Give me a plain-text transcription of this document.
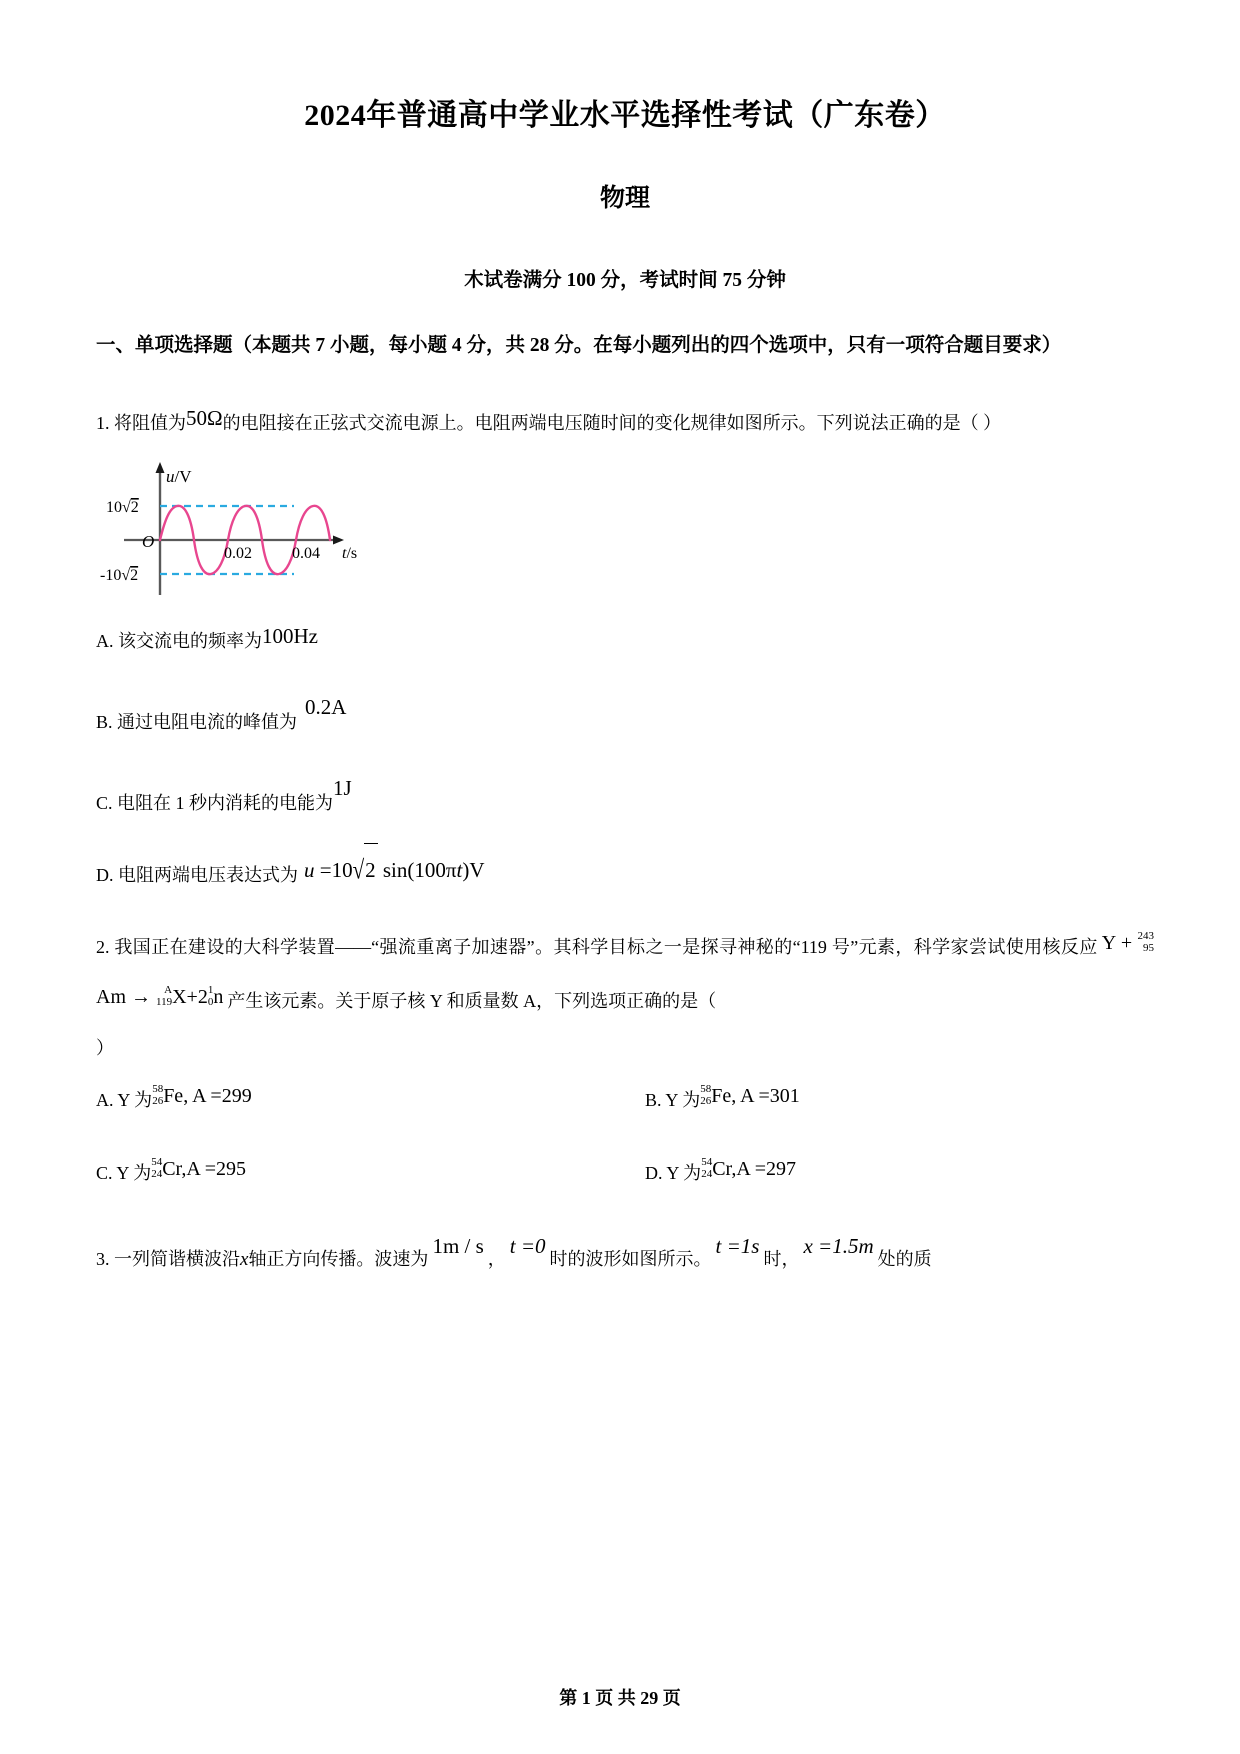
2024年普通高中学业水平选择性考试（广东卷）
物理
木试卷满分 100 分，考试时间 75 分钟
一、单项选择题（本题共 7 小题，每小题 4 分，共 28 分。在每小题列出的四个选项中，只有一项符合题目要求）
1. 将阻值为50Ω的电阻接在正弦式交流电源上。电阻两端电压随时间的变化规律如图所示。下列说法正确的是（ ）
u/V
O
10√2
-10√2
0.02	0.04 t/s
A. 该交流电的频率为100Hz
B. 通过电阻电流的峰值为0.2A
C. 电阻在 1 秒内消耗的电能为1J
D. 电阻两端电压表达式为 u =10√2 sin(100πt)V
2. 我国正在建设的大科学装置——“强流重离子加速器”。其科学目标之一是探寻神秘的“119 号”元素，科学家尝试使用核反应 Y + 243
95
Am → A
119 X+2 1
0 n 产生该元素。关于原子核 Y 和质量数 A，下列选项正确的是（
）
A. Y 为
58
26 Fe, A =299	B. Y 为
58
26 Fe, A =301
C. Y 为
54
24 Cr,A =295	D. Y 为
54
24 Cr,A =297
3. 一列简谐横波沿x轴正方向传播。波速为1m / s，t =0时的波形如图所示。t =1s时，x =1.5m处的质
第 1 页 共 29 页
